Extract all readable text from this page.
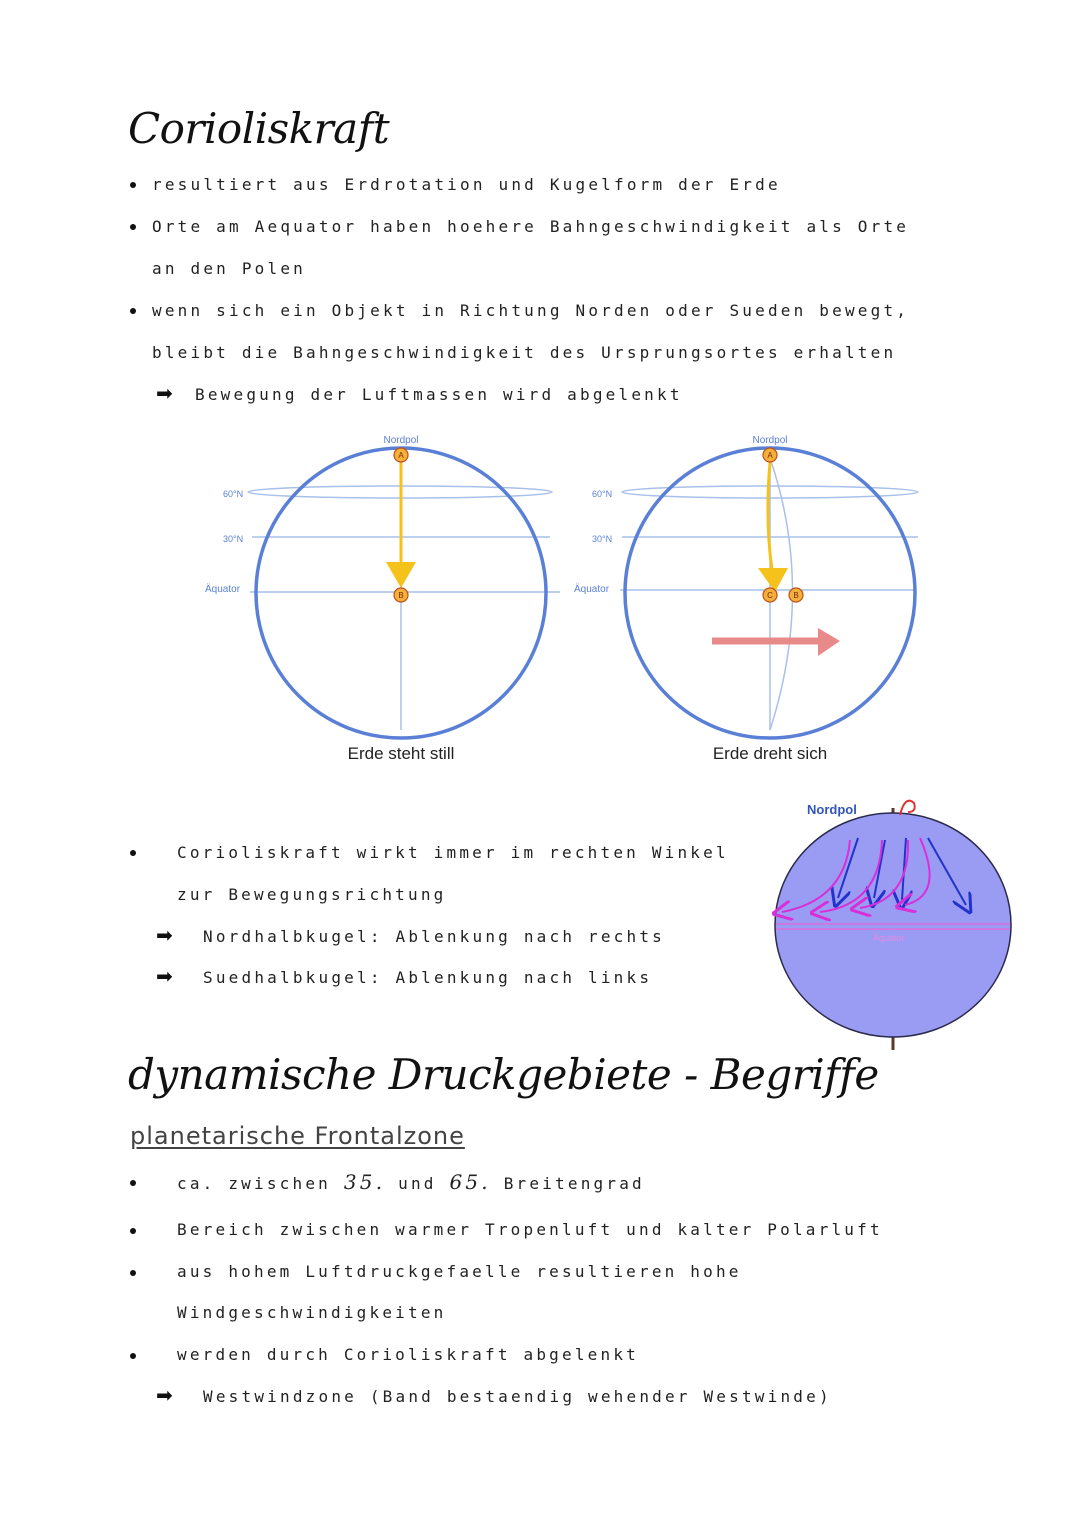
Corioliskraft
resultiert aus Erdrotation und Kugelform der Erde
Orte am Aequator haben hoehere Bahngeschwindigkeit als Orte
an den Polen
wenn sich ein Objekt in Richtung Norden oder Sueden bewegt,
bleibt die Bahngeschwindigkeit des Ursprungsortes erhalten
➡ Bewegung der Luftmassen wird abgelenkt
Nordpol	Nordpol
60°N
30°N
Äquator
60°N
30°N
Äquator
A
B
A
C	B
Erde steht still	Erde dreht sich
Corioliskraft wirkt immer im rechten Winkel
zur Bewegungsrichtung
➡ Nordhalbkugel: Ablenkung nach rechts
➡ Suedhalbkugel: Ablenkung nach links
Nordpol
Äquator
dynamische Druckgebiete - Begriffe
planetarische Frontalzone
ca. zwischen 35. und 65. Breitengrad
Bereich zwischen warmer Tropenluft und kalter Polarluft
aus hohem Luftdruckgefaelle resultieren hohe
Windgeschwindigkeiten
werden durch Corioliskraft abgelenkt
➡ Westwindzone (Band bestaendig wehender Westwinde)
